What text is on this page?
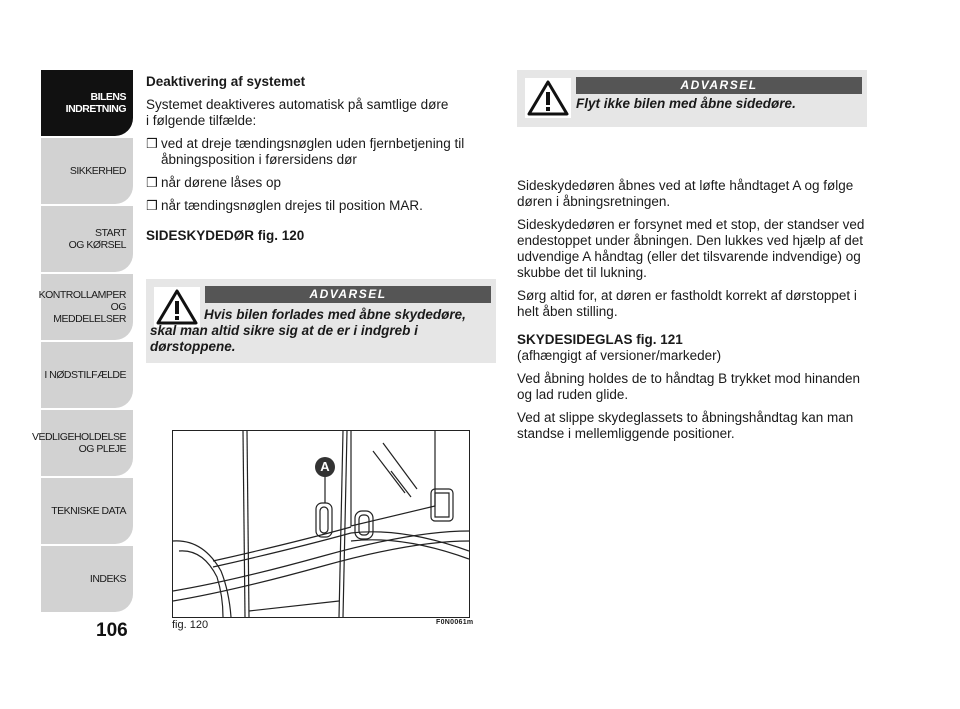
BILENS
INDRETNING
SIKKERHED
START
OG KØRSEL
KONTROLLAMPER
OG MEDDELELSER
I NØDSTILFÆLDE
VEDLIGEHOLDELSE
OG PLEJE
TEKNISKE DATA
INDEKS
106

Deaktivering af systemet

Systemet deaktiveres automatisk på samtlige døre
i følgende tilfælde:

❒ ved at dreje tændingsnøglen uden fjernbetjening til åbningsposition i førersidens dør
❒ når dørene låses op
❒ når tændingsnøglen drejes til position MAR.

SIDESKYDEDØR fig. 120

ADVARSEL
Hvis bilen forlades med åbne skydedøre, skal man altid sikre sig at de er i indgreb i dørstoppene.
ADVARSEL
Flyt ikke bilen med åbne sidedøre.

Sideskydedøren åbnes ved at løfte håndtaget A og følge døren i åbningsretningen.

Sideskydedøren er forsynet med et stop, der standser ved endestoppet under åbningen. Den lukkes ved hjælp af det udvendige A håndtag (eller det tilsvarende indvendige) og skubbe det til lukning.

Sørg altid for, at døren er fastholdt korrekt af dørstoppet i helt åben stilling.

SKYDESIDEGLAS fig. 121

(afhængigt af versioner/markeder)

Ved åbning holdes de to håndtag B trykket mod hinanden og lad ruden glide.

Ved at slippe skydeglassets to åbningshåndtag kan man standse i mellemliggende positioner.

A
fig. 120	F0N0061m
